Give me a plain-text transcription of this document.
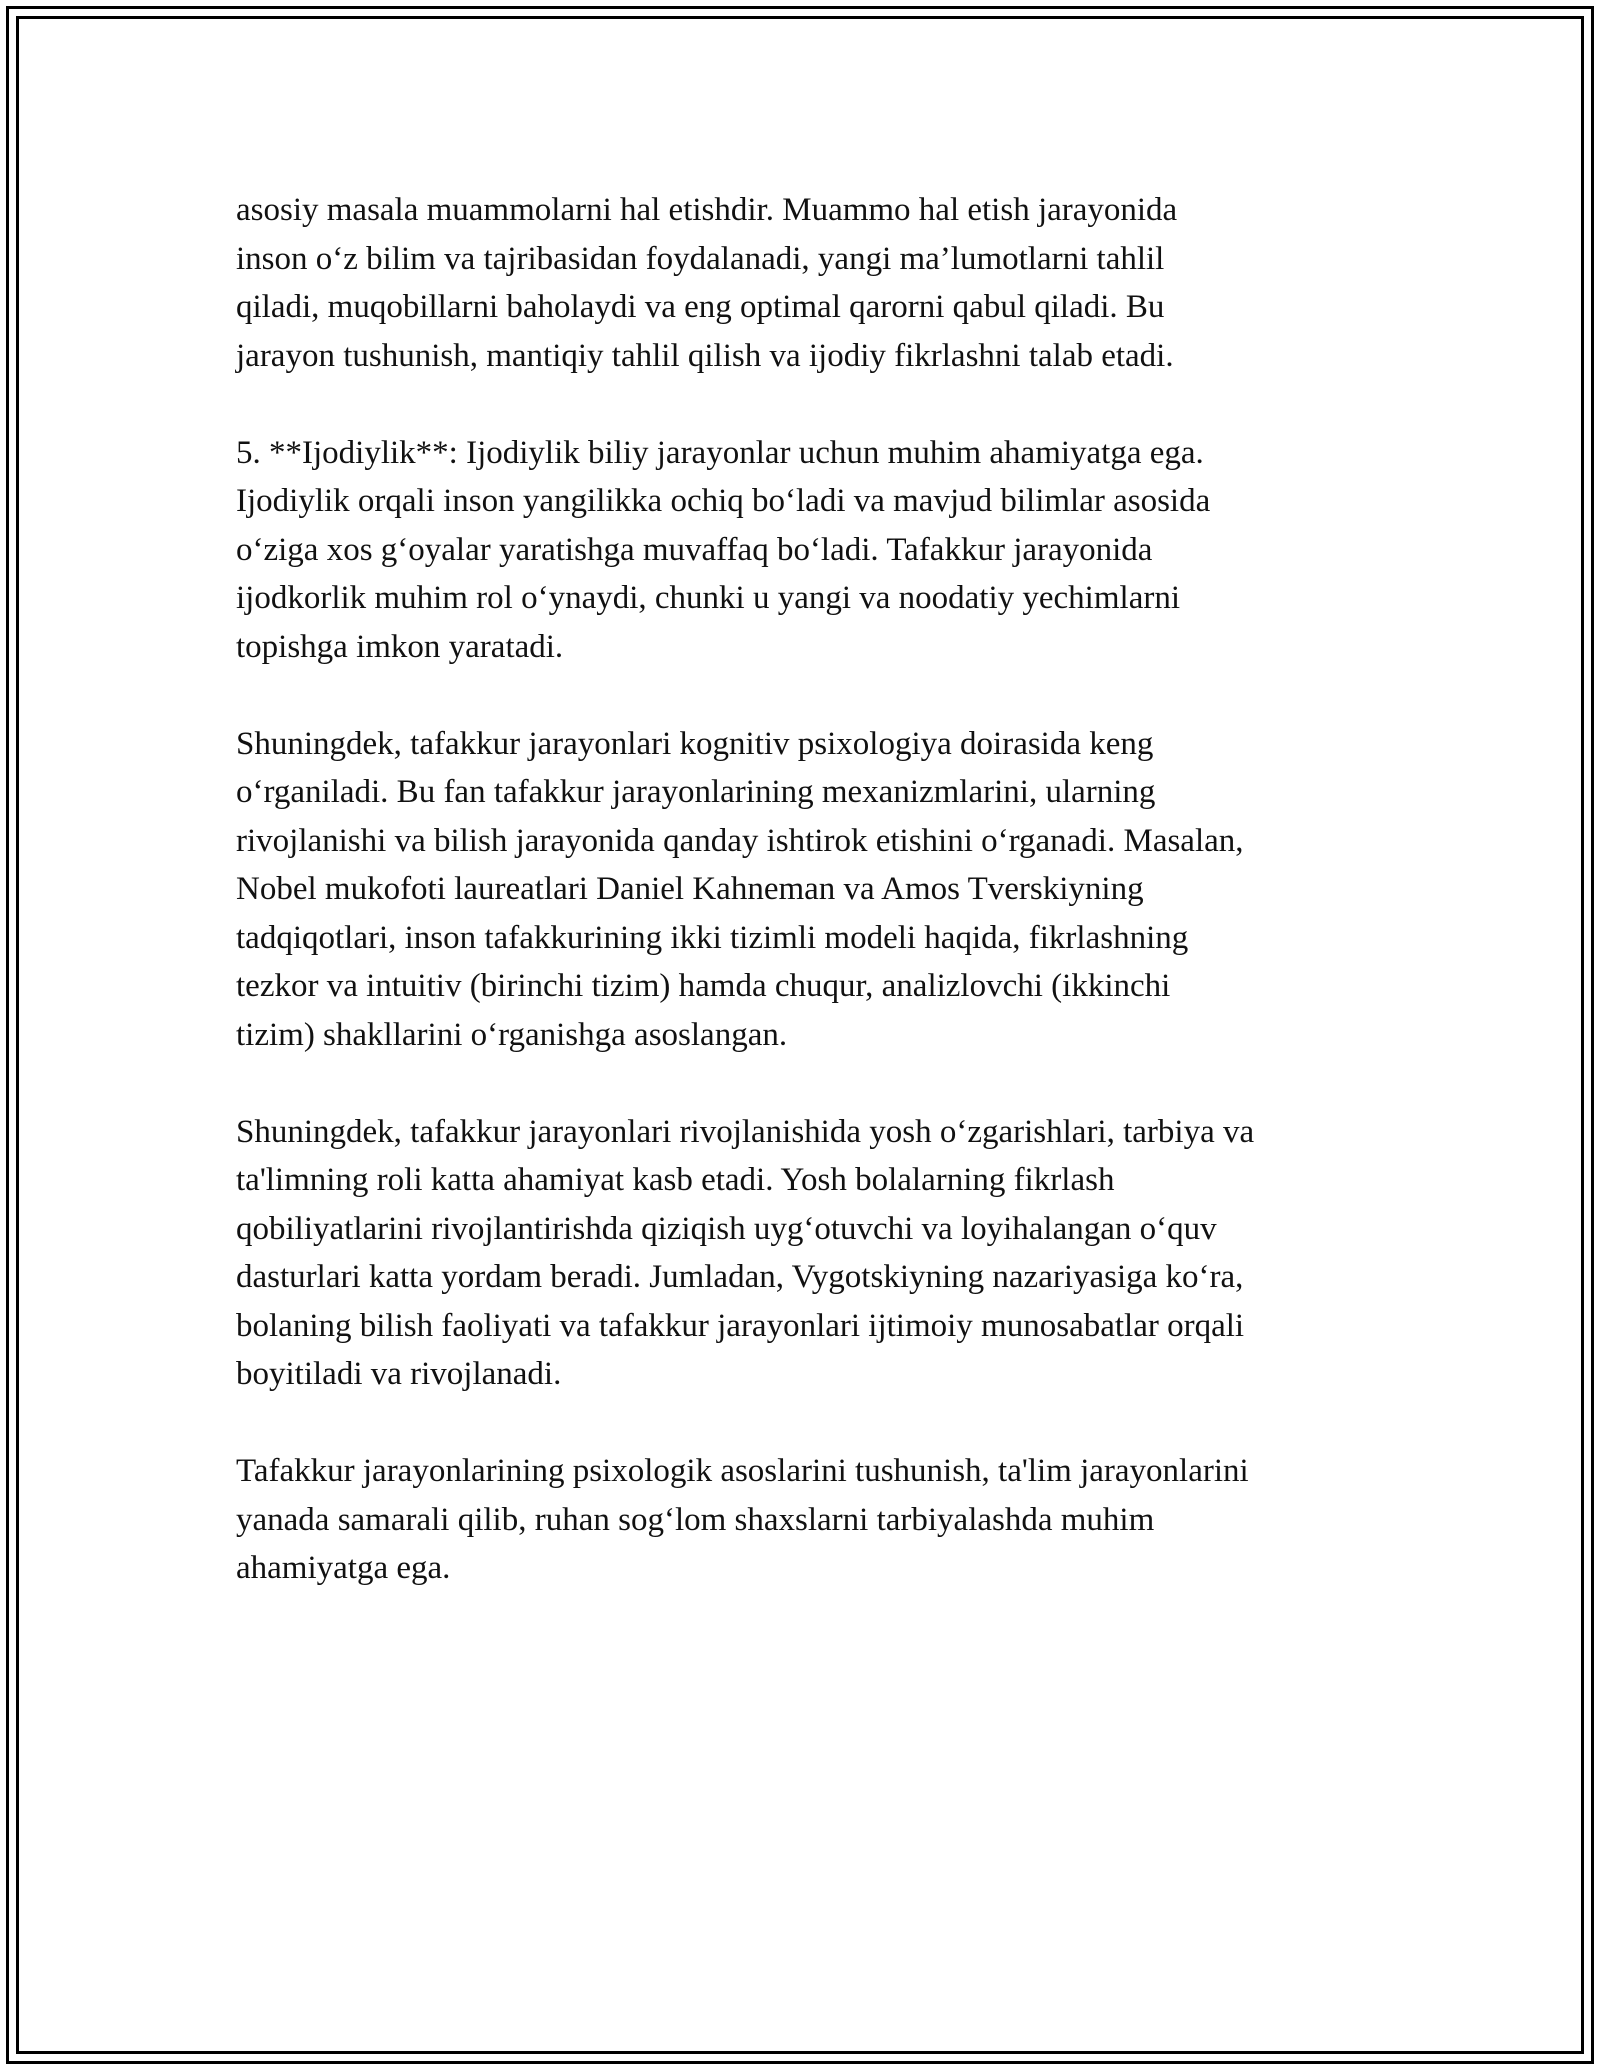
asosiy masala muammolarni hal etishdir. Muammo hal etish jarayonida
inson o‘z bilim va tajribasidan foydalanadi, yangi ma’lumotlarni tahlil
qiladi, muqobillarni baholaydi va eng optimal qarorni qabul qiladi. Bu
jarayon tushunish, mantiqiy tahlil qilish va ijodiy fikrlashni talab etadi.

5. **Ijodiylik**: Ijodiylik biliy jarayonlar uchun muhim ahamiyatga ega.
Ijodiylik orqali inson yangilikka ochiq bo‘ladi va mavjud bilimlar asosida
o‘ziga xos g‘oyalar yaratishga muvaffaq bo‘ladi. Tafakkur jarayonida
ijodkorlik muhim rol o‘ynaydi, chunki u yangi va noodatiy yechimlarni
topishga imkon yaratadi.

Shuningdek, tafakkur jarayonlari kognitiv psixologiya doirasida keng
o‘rganiladi. Bu fan tafakkur jarayonlarining mexanizmlarini, ularning
rivojlanishi va bilish jarayonida qanday ishtirok etishini o‘rganadi. Masalan,
Nobel mukofoti laureatlari Daniel Kahneman va Amos Tverskiyning
tadqiqotlari, inson tafakkurining ikki tizimli modeli haqida, fikrlashning
tezkor va intuitiv (birinchi tizim) hamda chuqur, analizlovchi (ikkinchi
tizim) shakllarini o‘rganishga asoslangan.

Shuningdek, tafakkur jarayonlari rivojlanishida yosh o‘zgarishlari, tarbiya va
ta'limning roli katta ahamiyat kasb etadi. Yosh bolalarning fikrlash
qobiliyatlarini rivojlantirishda qiziqish uyg‘otuvchi va loyihalangan o‘quv
dasturlari katta yordam beradi. Jumladan, Vygotskiyning nazariyasiga ko‘ra,
bolaning bilish faoliyati va tafakkur jarayonlari ijtimoiy munosabatlar orqali
boyitiladi va rivojlanadi.

Tafakkur jarayonlarining psixologik asoslarini tushunish, ta'lim jarayonlarini
yanada samarali qilib, ruhan sog‘lom shaxslarni tarbiyalashda muhim
ahamiyatga ega.
